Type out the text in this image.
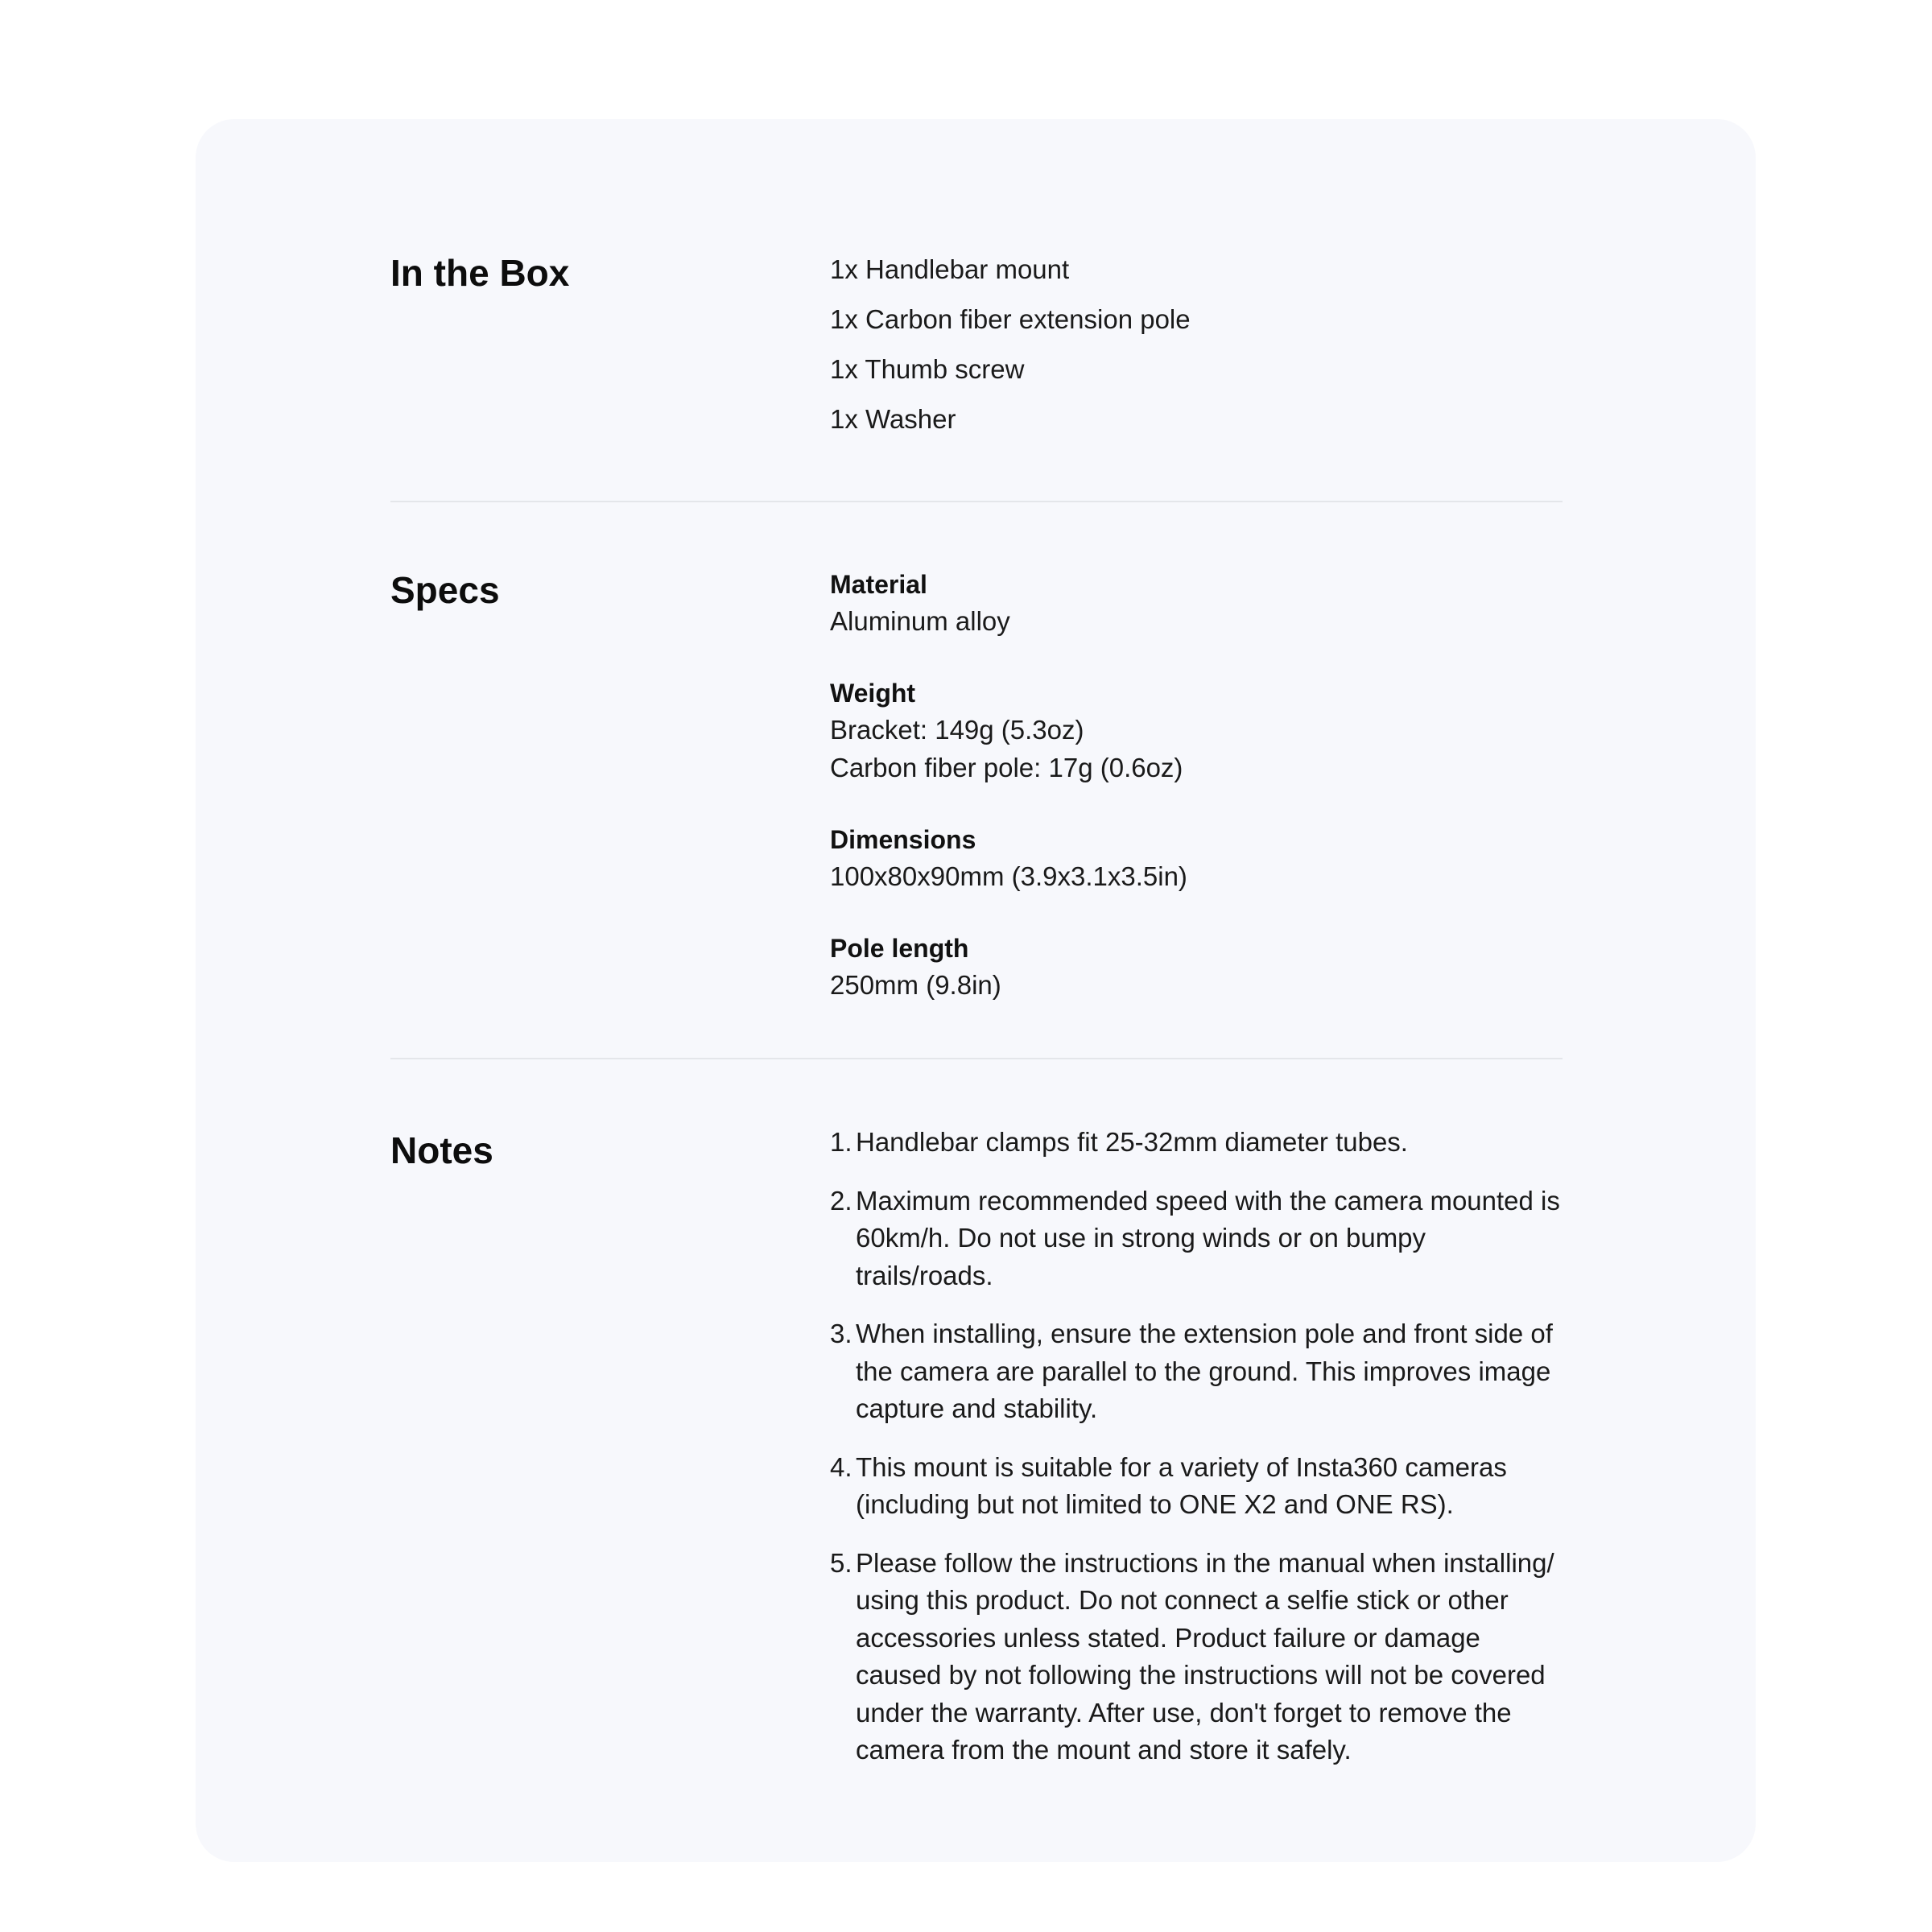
In the Box	1x Handlebar mount
1x Carbon fiber extension pole
1x Thumb screw
1x Washer
Specs	Material
Aluminum alloy
Weight
Bracket: 149g (5.3oz)
Carbon fiber pole: 17g (0.6oz)
Dimensions
100x80x90mm (3.9x3.1x3.5in)
Pole length
250mm (9.8in)
Notes	1. Handlebar clamps fit 25-32mm diameter tubes.
2. Maximum recommended speed with the camera mounted is 60km/h. Do not use in strong winds or on bumpy trails/roads.
3. When installing, ensure the extension pole and front side of the camera are parallel to the ground. This improves image capture and stability.
4. This mount is suitable for a variety of Insta360 cameras (including but not limited to ONE X2 and ONE RS).
5. Please follow the instructions in the manual when installing/ using this product. Do not connect a selfie stick or other accessories unless stated. Product failure or damage caused by not following the instructions will not be covered under the warranty. After use, don't forget to remove the camera from the mount and store it safely.
